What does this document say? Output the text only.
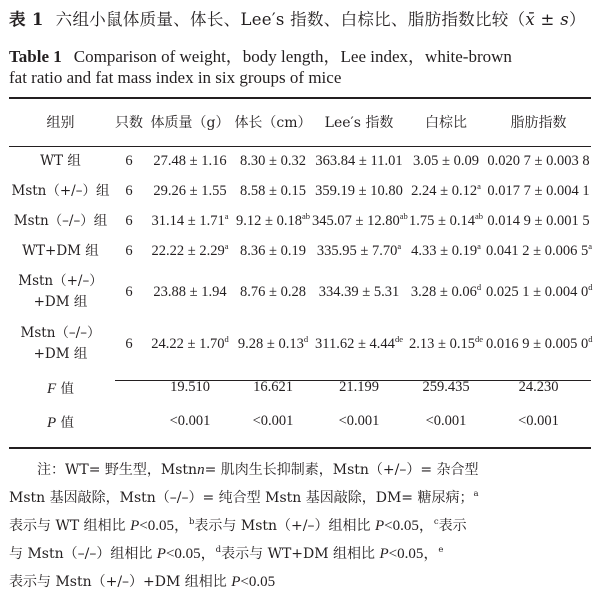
表 1 六组小鼠体质量、体长、Lee′s 指数、白棕比、脂肪指数比较（x̄ ± s）
Table 1 Comparison of weight，body length，Lee index，white-brown
fat ratio and fat mass index in six groups of mice
组别	只数	体质量（g）	体长（cm）	Lee′s 指数	白棕比	脂肪指数
WT 组	6	27.48 ± 1.16	8.30 ± 0.32	363.84 ± 11.01	3.05 ± 0.09	0.020 7 ± 0.003 8
Mstn（+/–）组	6	29.26 ± 1.55	8.58 ± 0.15	359.19 ± 10.80	2.24 ± 0.12$^a$	0.017 7 ± 0.004 1
Mstn（–/–）组	6	31.14 ± 1.71$^a$	9.12 ± 0.18$^{ab}$	345.07 ± 12.80$^{ab}$	1.75 ± 0.14$^{ab}$	0.014 9 ± 0.001 5
WT+DM 组	6	22.22 ± 2.29$^a$	8.36 ± 0.19	335.95 ± 7.70$^a$	4.33 ± 0.19$^a$	0.041 2 ± 0.006 5$^a$
Mstn（+/–）
+DM 组	6	23.88 ± 1.94	8.76 ± 0.28	334.39 ± 5.31	3.28 ± 0.06$^d$	0.025 1 ± 0.004 0$^d$
Mstn（–/–）
+DM 组	6	24.22 ± 1.70$^d$	9.28 ± 0.13$^d$	311.62 ± 4.44de	2.13 ± 0.15de	0.016 9 ± 0.005 0$^d$
F 值		19.510	16.621	21.199	259.435	24.230
P 值		<0.001	<0.001	<0.001	<0.001	<0.001
注：WT= 野生型，Mstnn= 肌肉生长抑制素，Mstn（+/–）= 杂合型
Mstn 基因敲除，Mstn（–/–）= 纯合型 Mstn 基因敲除，DM= 糖尿病；$^a$
表示与 WT 组相比 P<0.05，$^b$表示与 Mstn（+/–）组相比 P<0.05，$^c$表示
与 Mstn（–/–）组相比 P<0.05，$^d$表示与 WT+DM 组相比 P<0.05，$^e$
表示与 Mstn（+/–）+DM 组相比 P<0.05
